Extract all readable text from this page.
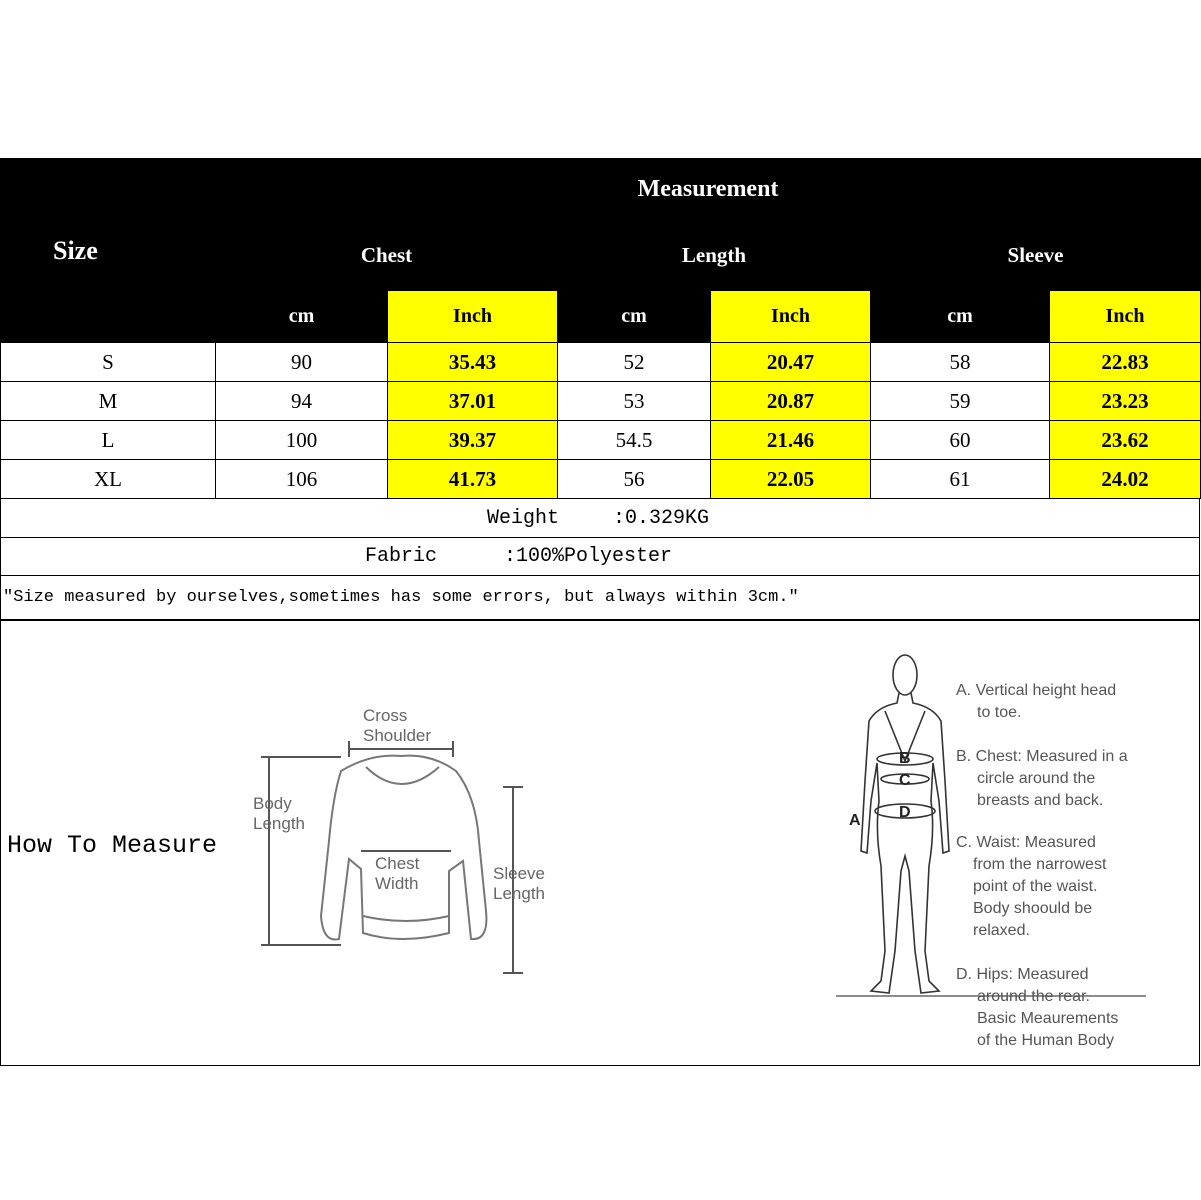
Size	Measurement					
	Chest		Length		Sleeve	
	cm	Inch	cm	Inch	cm	Inch
S	90	35.43	52	20.47	58	22.83
M	94	37.01	53	20.87	59	23.23
L	100	39.37	54.5	21.46	60	23.62
XL	106	41.73	56	22.05	61	24.02
Weight	:0.329KG
Fabric	:100%Polyester
"Size measured by ourselves,sometimes has some errors, but always within 3cm."
How To Measure
Cross
Shoulder
Body
Length
Chest
Width
Sleeve
Length
B
C
D
A
A. Vertical height head
to toe.
B. Chest: Measured in a
circle around the
breasts and back.
C. Waist: Measured
from the narrowest
point of the waist.
Body shoould be
relaxed.
D. Hips: Measured
around the rear.
Basic Meaurements
of the Human Body
